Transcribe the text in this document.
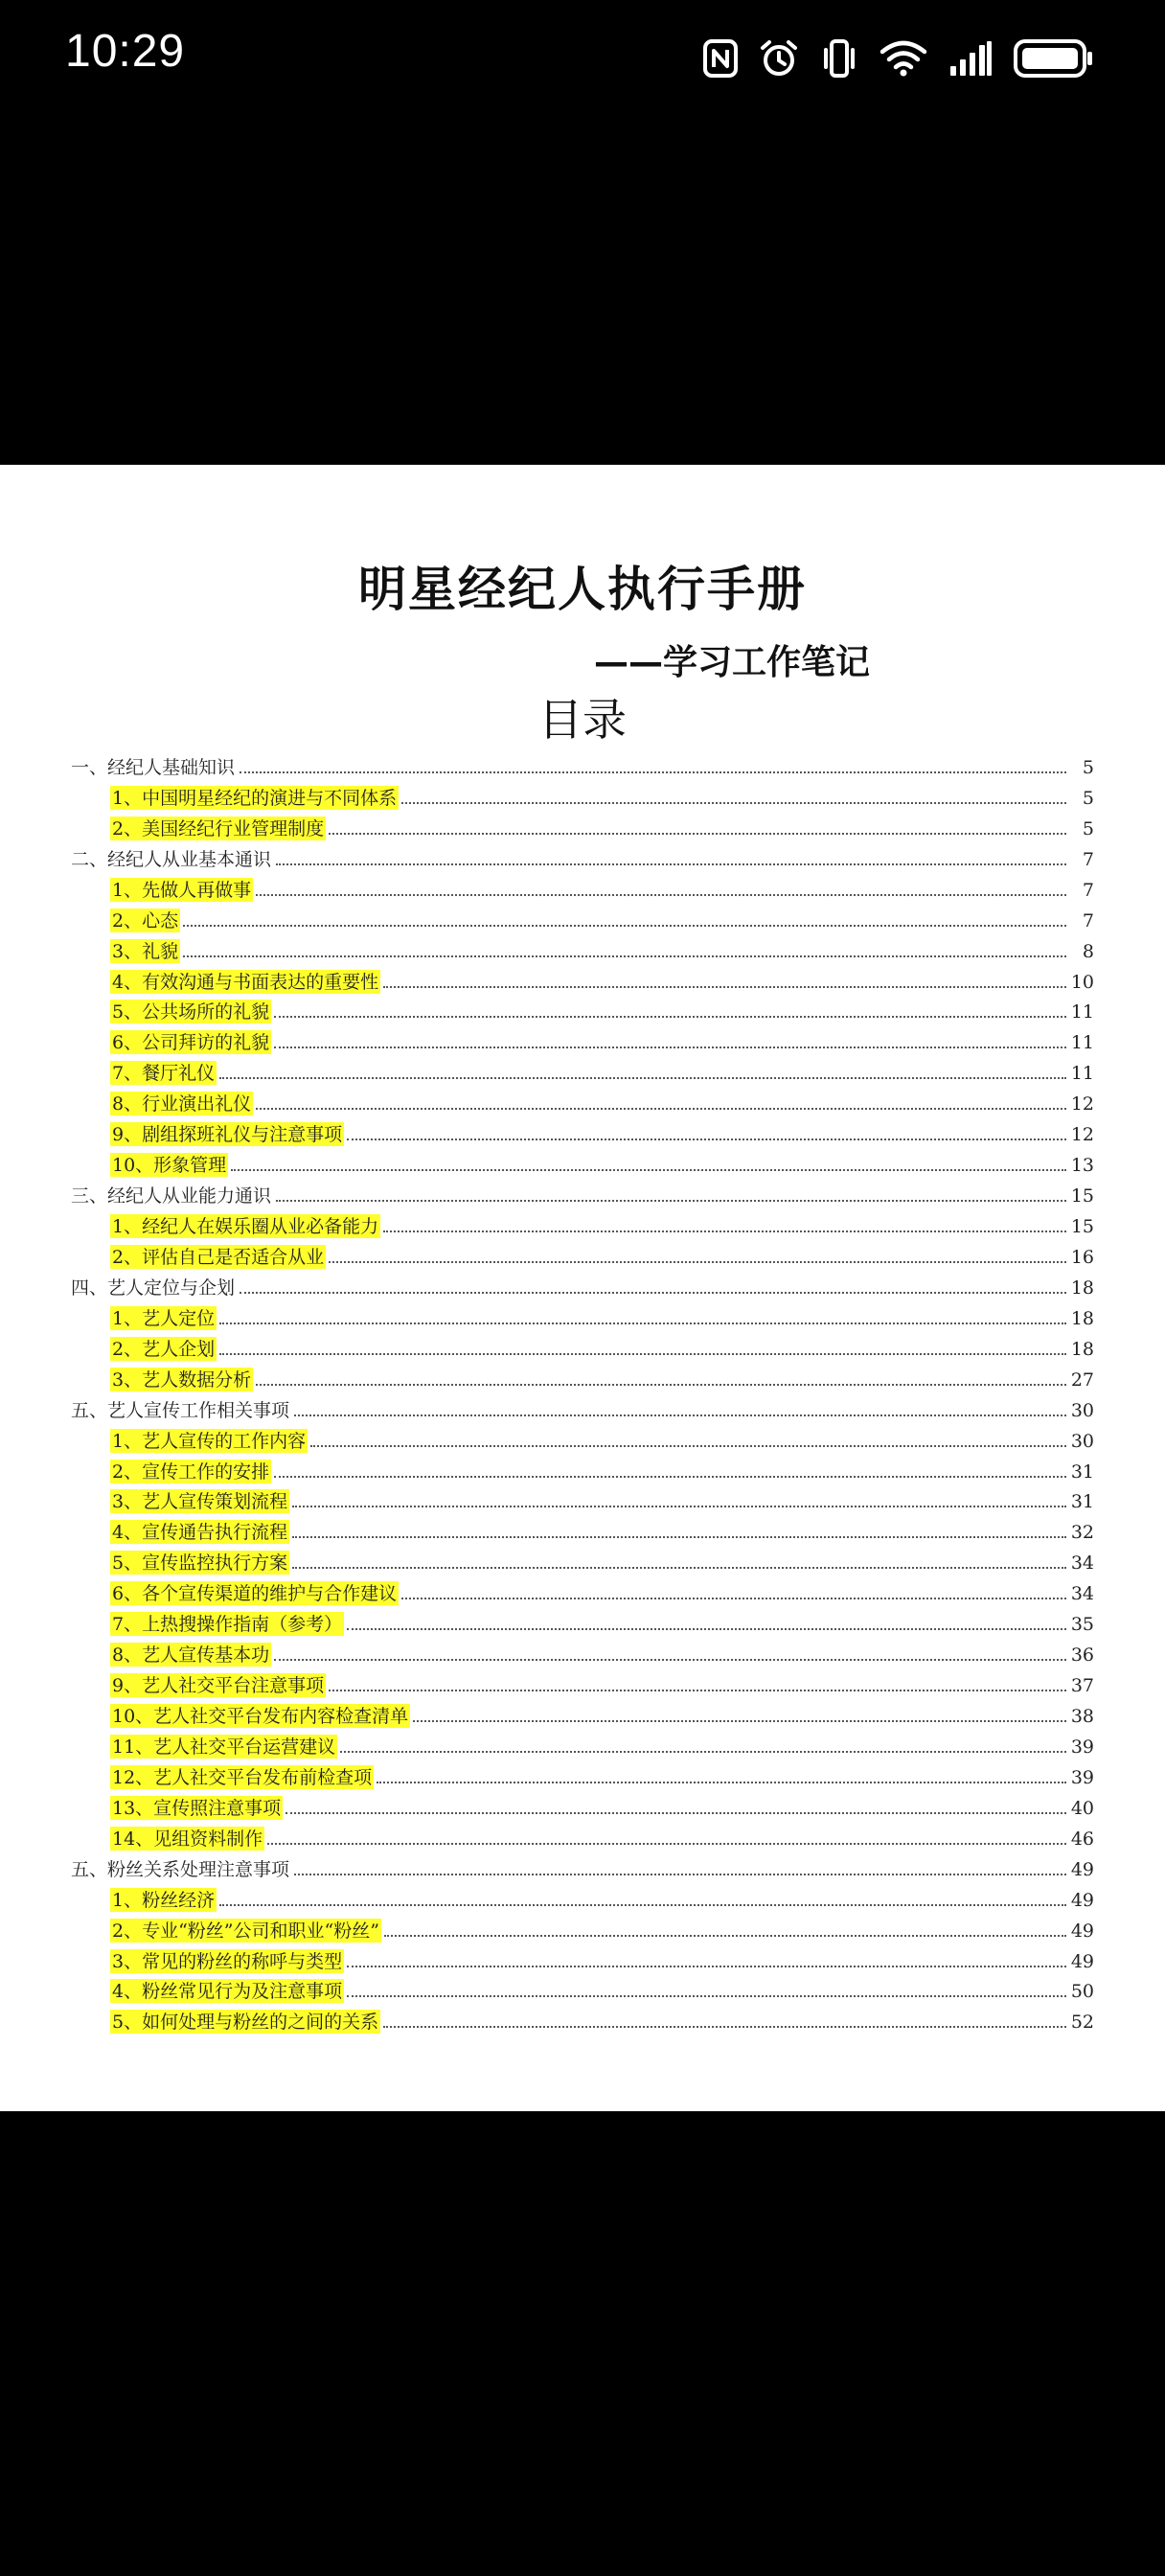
10:29
明星经纪人执行手册
——学习工作笔记
目录
一、经纪人基础知识	5
1、中国明星经纪的演进与不同体系	5
2、美国经纪行业管理制度	5
二、经纪人从业基本通识	7
1、先做人再做事	7
2、心态	7
3、礼貌	8
4、有效沟通与书面表达的重要性	10
5、公共场所的礼貌	11
6、公司拜访的礼貌	11
7、餐厅礼仪	11
8、行业演出礼仪	12
9、剧组探班礼仪与注意事项	12
10、形象管理	13
三、经纪人从业能力通识	15
1、经纪人在娱乐圈从业必备能力	15
2、评估自己是否适合从业	16
四、艺人定位与企划	18
1、艺人定位	18
2、艺人企划	18
3、艺人数据分析	27
五、艺人宣传工作相关事项	30
1、艺人宣传的工作内容	30
2、宣传工作的安排	31
3、艺人宣传策划流程	31
4、宣传通告执行流程	32
5、宣传监控执行方案	34
6、各个宣传渠道的维护与合作建议	34
7、上热搜操作指南（参考）	35
8、艺人宣传基本功	36
9、艺人社交平台注意事项	37
10、艺人社交平台发布内容检查清单	38
11、艺人社交平台运营建议	39
12、艺人社交平台发布前检查项	39
13、宣传照注意事项	40
14、见组资料制作	46
五、粉丝关系处理注意事项	49
1、粉丝经济	49
2、专业“粉丝”公司和职业“粉丝”	49
3、常见的粉丝的称呼与类型	49
4、粉丝常见行为及注意事项	50
5、如何处理与粉丝的之间的关系	52
